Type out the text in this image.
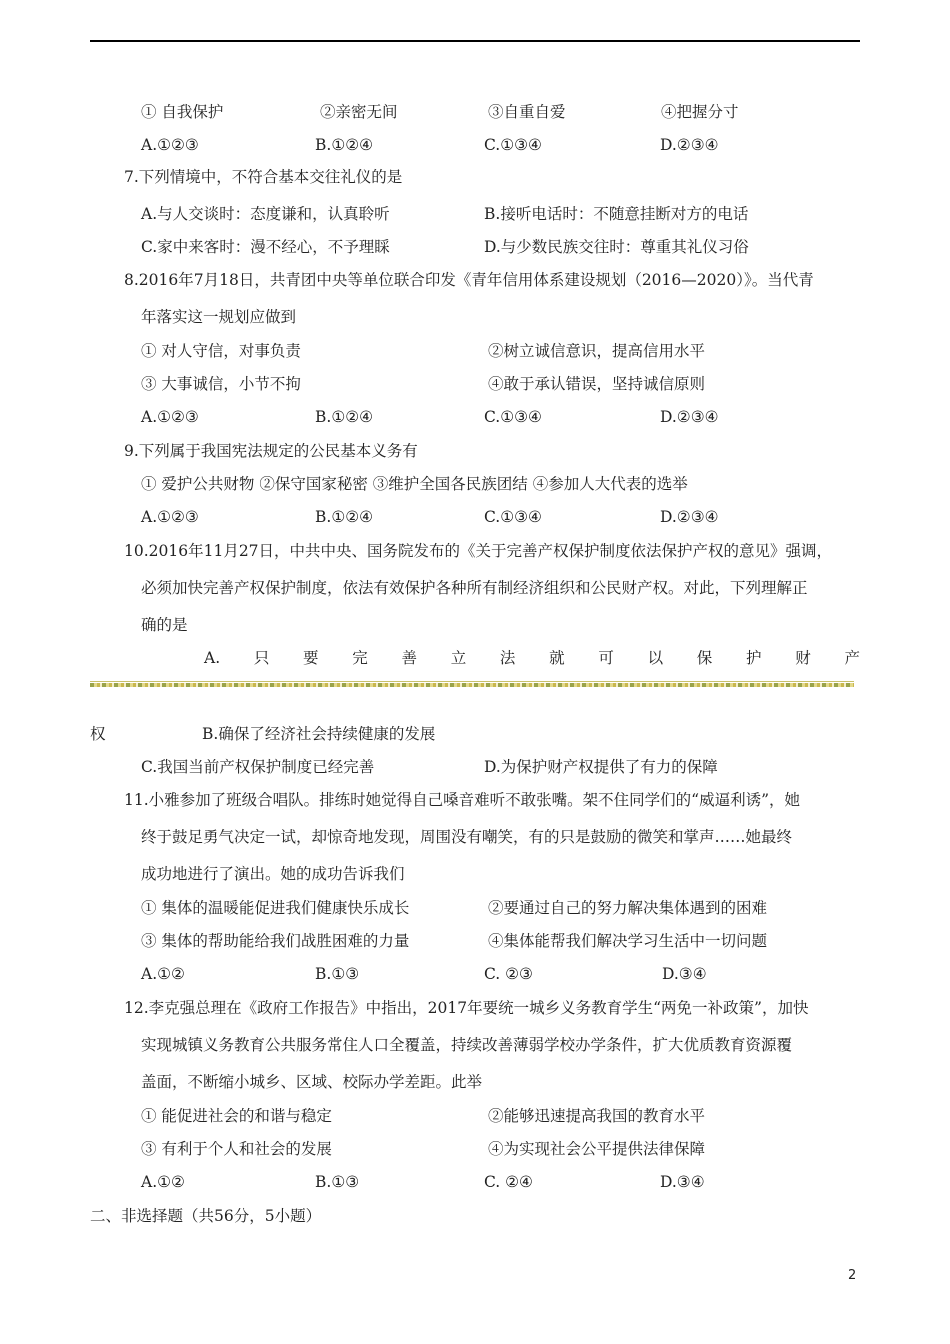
① 自我保护	②亲密无间	③自重自爱	④把握分寸
A.①②③	B.①②④	C.①③④	D.②③④
7.下列情境中，不符合基本交往礼仪的是
A.与人交谈时：态度谦和，认真聆听	B.接听电话时：不随意挂断对方的电话
C.家中来客时：漫不经心，不予理睬	D.与少数民族交往时：尊重其礼仪习俗
8.2016年7月18日，共青团中央等单位联合印发《青年信用体系建设规划（2016—2020）》。当代青
年落实这一规划应做到
① 对人守信，对事负责	②树立诚信意识，提高信用水平
③ 大事诚信，小节不拘	④敢于承认错误，坚持诚信原则
A.①②③	B.①②④	C.①③④	D.②③④
9.下列属于我国宪法规定的公民基本义务有
① 爱护公共财物 ②保守国家秘密 ③维护全国各民族团结 ④参加人大代表的选举
A.①②③	B.①②④	C.①③④	D.②③④
10.2016年11月27日，中共中央、国务院发布的《关于完善产权保护制度依法保护产权的意见》强调，
必须加快完善产权保护制度，依法有效保护各种所有制经济组织和公民财产权。对此，下列理解正
确的是
A. 只 要 完 善 立 法 就 可 以 保 护 财 产
权	B.确保了经济社会持续健康的发展
C.我国当前产权保护制度已经完善	D.为保护财产权提供了有力的保障
11.小雅参加了班级合唱队。排练时她觉得自己嗓音难听不敢张嘴。架不住同学们的“威逼利诱”，她
终于鼓足勇气决定一试，却惊奇地发现，周围没有嘲笑，有的只是鼓励的微笑和掌声……她最终
成功地进行了演出。她的成功告诉我们
① 集体的温暖能促进我们健康快乐成长	②要通过自己的努力解决集体遇到的困难
③ 集体的帮助能给我们战胜困难的力量	④集体能帮我们解决学习生活中一切问题
A.①②	B.①③	C. ②③	D.③④
12.李克强总理在《政府工作报告》中指出，2017年要统一城乡义务教育学生“两免一补政策”，加快
实现城镇义务教育公共服务常住人口全覆盖，持续改善薄弱学校办学条件，扩大优质教育资源覆
盖面，不断缩小城乡、区域、校际办学差距。此举
① 能促进社会的和谐与稳定	②能够迅速提高我国的教育水平
③ 有利于个人和社会的发展	④为实现社会公平提供法律保障
A.①②	B.①③	C. ②④	D.③④
二、非选择题（共56分，5小题）
2
